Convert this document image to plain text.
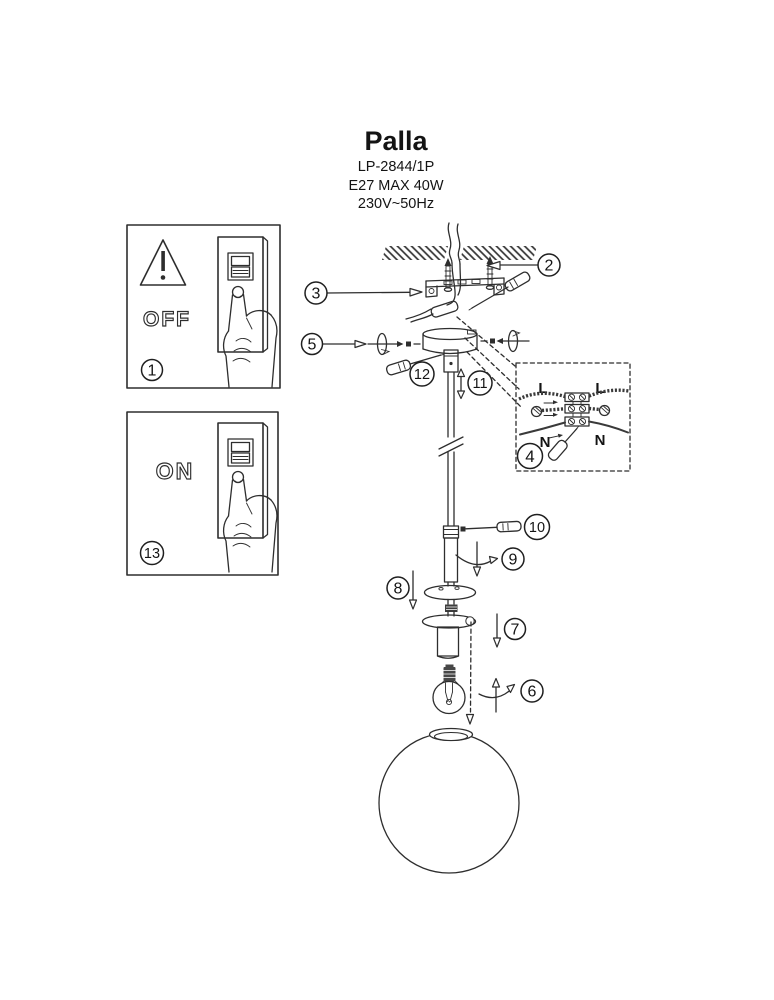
Palla
LP-2844/1P
E27 MAX 40W
230V~50Hz
OFF
1
ON
13
2
3
5
12
11	L	L
N	N
4
10
9
8
7
6
